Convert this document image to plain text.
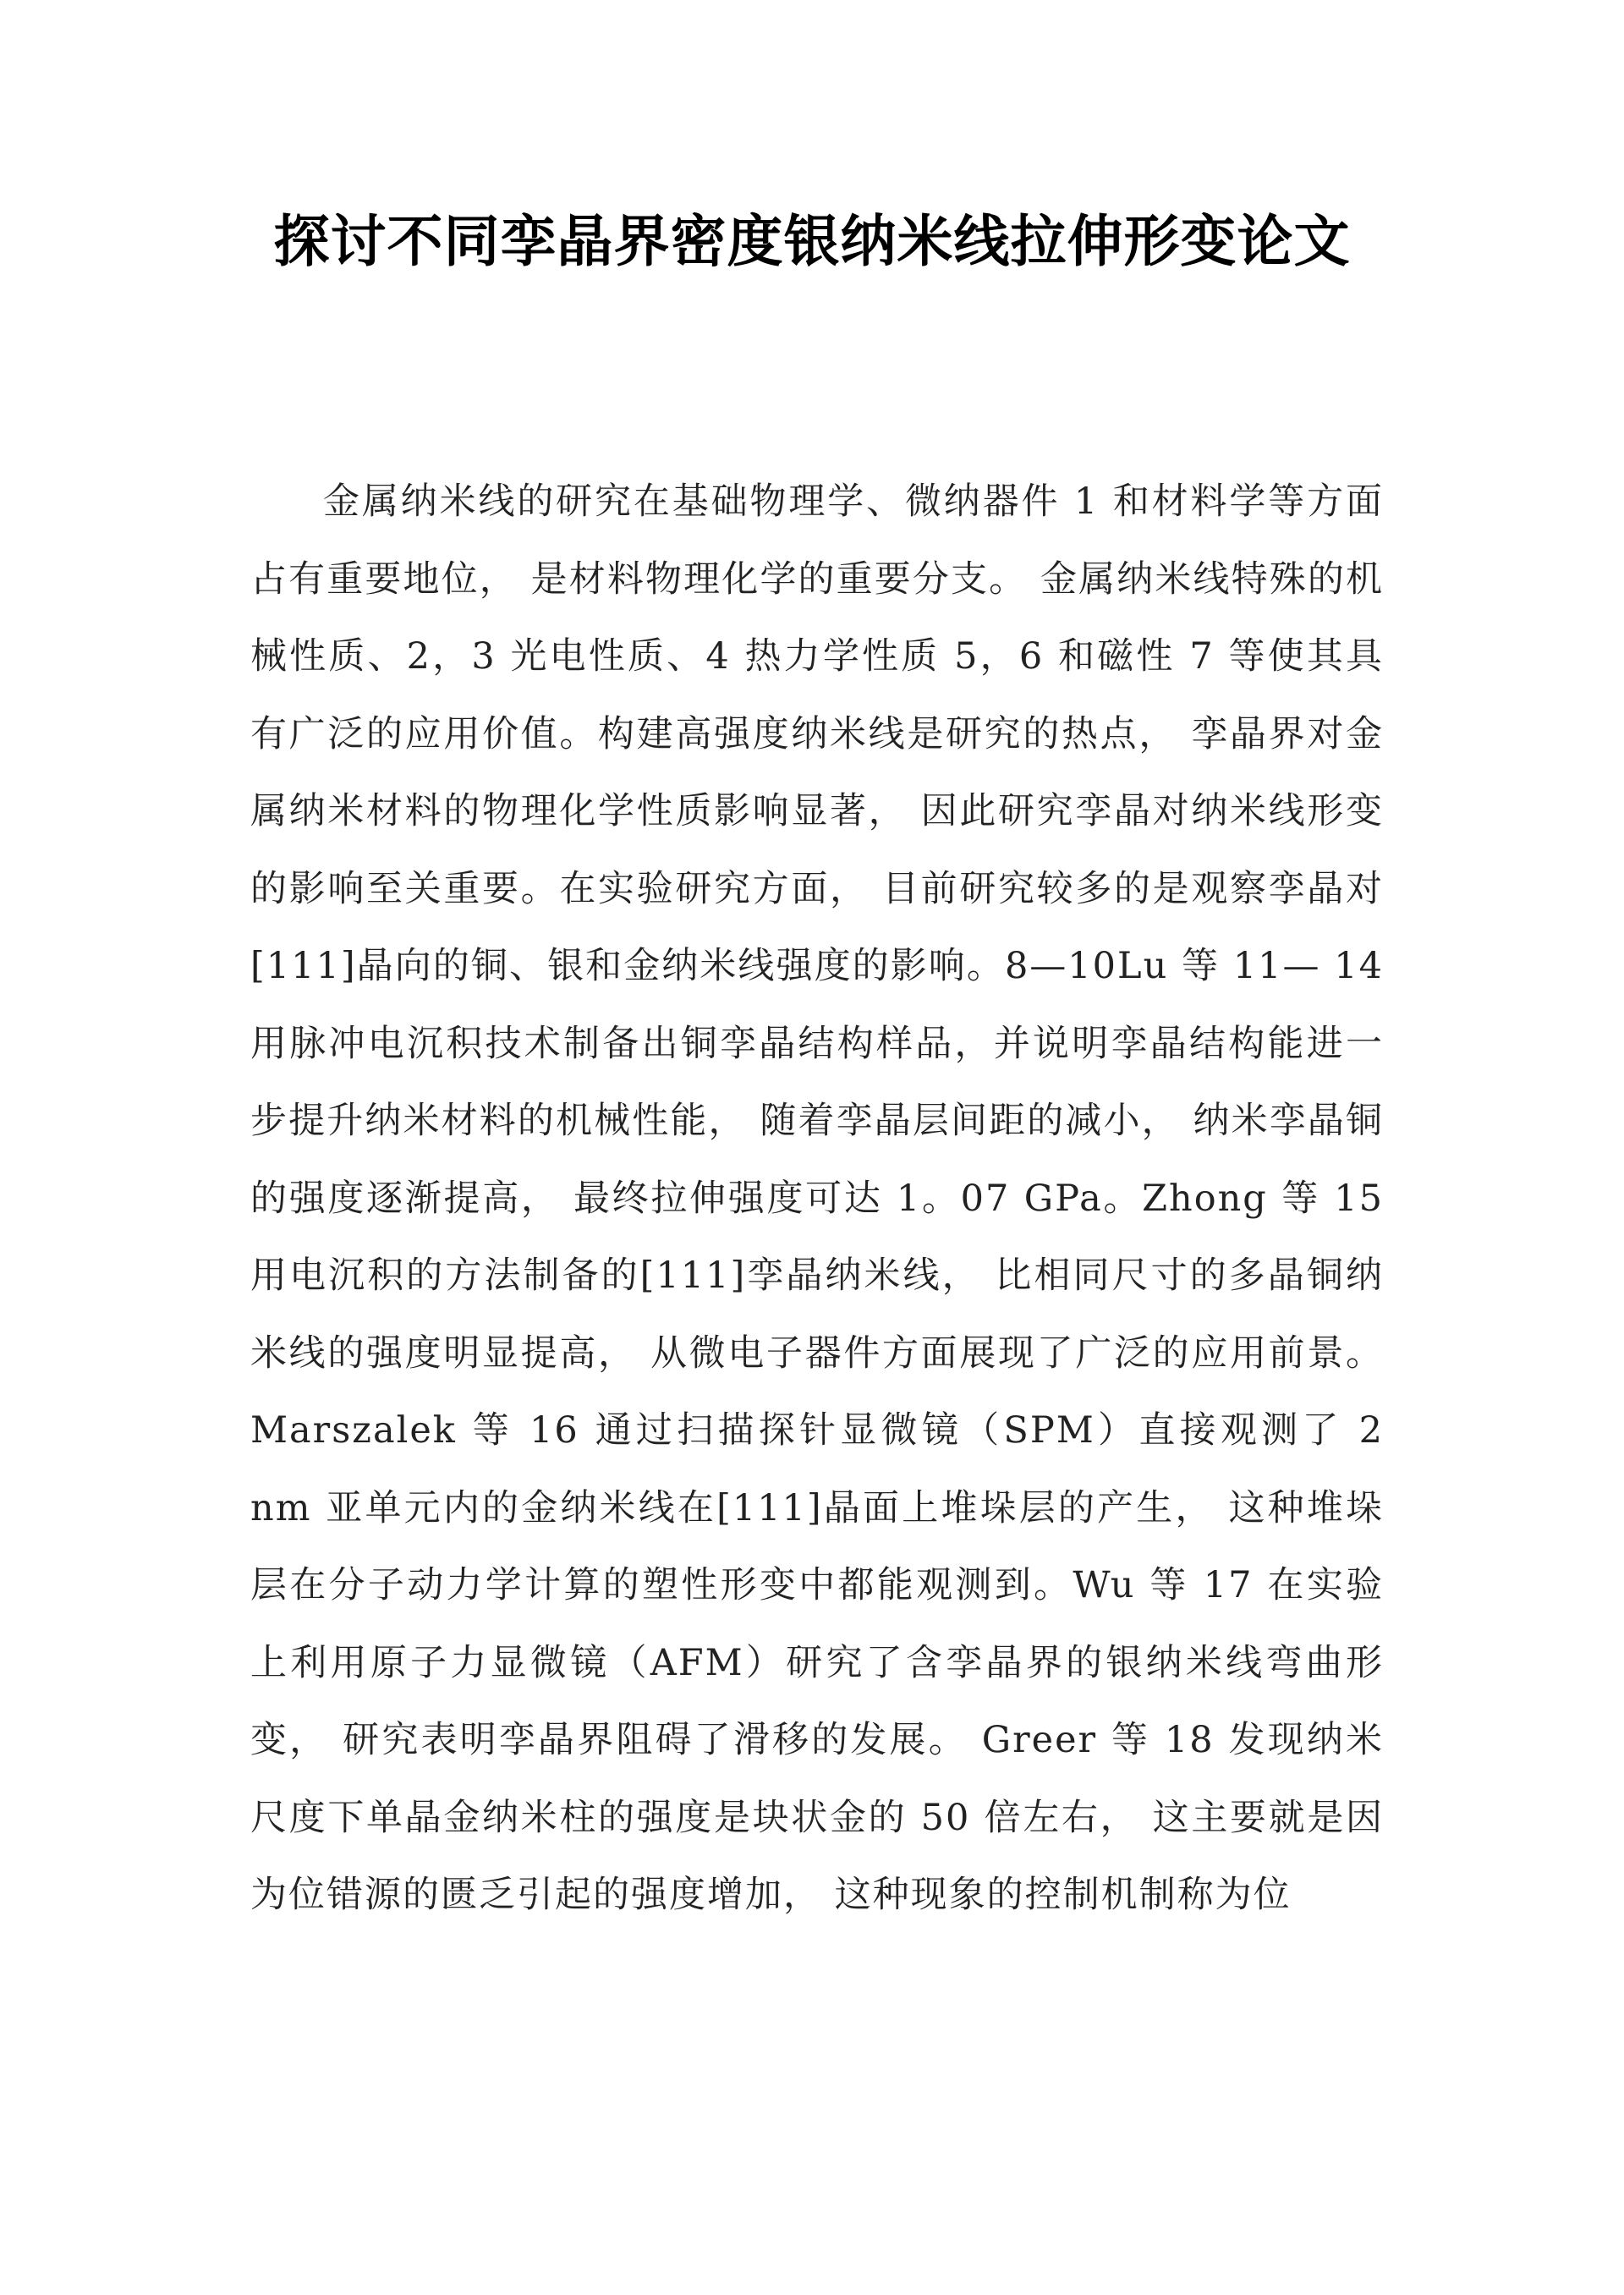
探讨不同孪晶界密度银纳米线拉伸形变论文

金属纳米线的研究在基础物理学、微纳器件 1 和材料学等方面占有重要地位， 是材料物理化学的重要分支。 金属纳米线特殊的机械性质、2，3 光电性质、4 热力学性质 5，6 和磁性 7 等使其具有广泛的应用价值。构建高强度纳米线是研究的热点， 孪晶界对金属纳米材料的物理化学性质影响显著， 因此研究孪晶对纳米线形变的影响至关重要。在实验研究方面， 目前研究较多的是观察孪晶对[111]晶向的铜、银和金纳米线强度的影响。8—10Lu 等 11— 14 用脉冲电沉积技术制备出铜孪晶结构样品，并说明孪晶结构能进一步提升纳米材料的机械性能， 随着孪晶层间距的减小， 纳米孪晶铜的强度逐渐提高， 最终拉伸强度可达 1。07 GPa。Zhong 等 15 用电沉积的方法制备的[111]孪晶纳米线， 比相同尺寸的多晶铜纳米线的强度明显提高， 从微电子器件方面展现了广泛的应用前景。 Marszalek 等 16 通过扫描探针显微镜（SPM）直接观测了 2 nm 亚单元内的金纳米线在[111]晶面上堆垛层的产生， 这种堆垛层在分子动力学计算的塑性形变中都能观测到。Wu 等 17 在实验上利用原子力显微镜（AFM）研究了含孪晶界的银纳米线弯曲形变， 研究表明孪晶界阻碍了滑移的发展。 Greer 等 18 发现纳米尺度下单晶金纳米柱的强度是块状金的 50 倍左右， 这主要就是因为位错源的匮乏引起的强度增加， 这种现象的控制机制称为位
